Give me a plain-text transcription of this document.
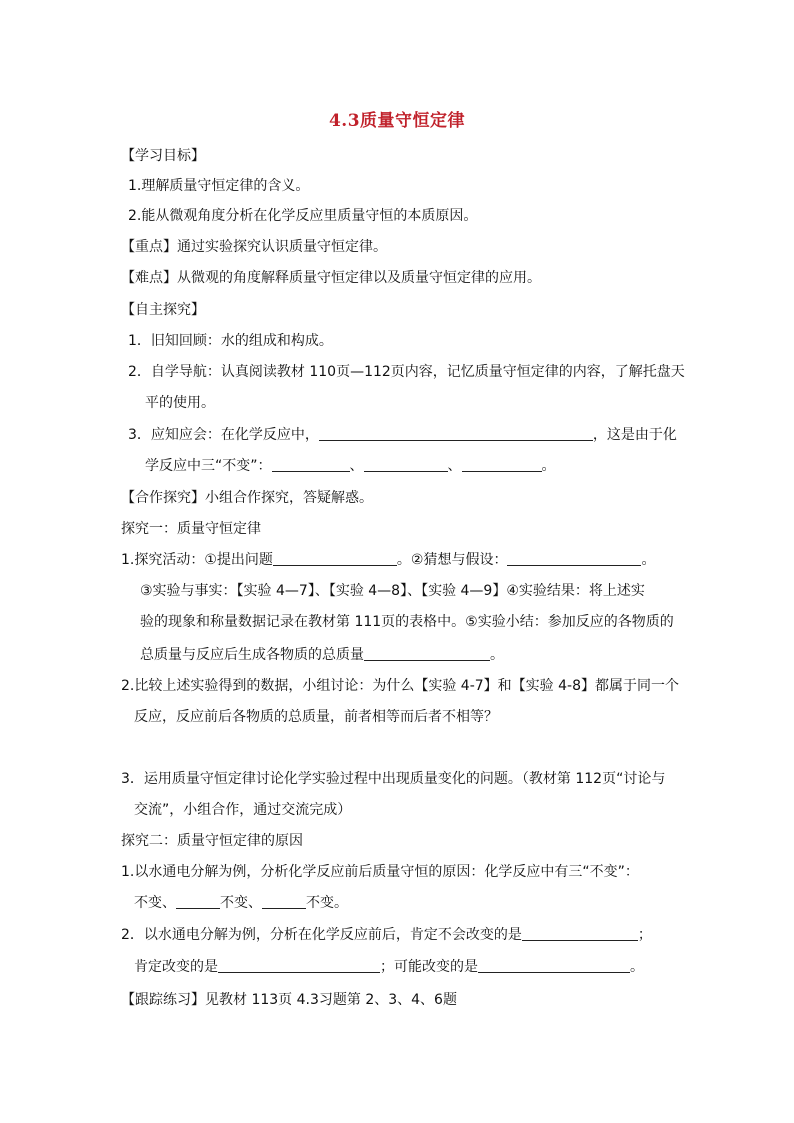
4.3质量守恒定律
【学习目标】
1.理解质量守恒定律的含义。
2.能从微观角度分析在化学反应里质量守恒的本质原因。
【重点】通过实验探究认识质量守恒定律。
【难点】从微观的角度解释质量守恒定律以及质量守恒定律的应用。
【自主探究】
1．旧知回顾：水的组成和构成。
2．自学导航：认真阅读教材 110页—112页内容，记忆质量守恒定律的内容，了解托盘天
平的使用。
3．应知应会：在化学反应中，	，这是由于化
学反应中三“不变”：	、	、	。
【合作探究】小组合作探究，答疑解惑。
探究一：质量守恒定律
1.探究活动：①提出问题	。②猜想与假设：	。
③实验与事实：【实验 4—7】、【实验 4—8】、【实验 4—9】④实验结果：将上述实
验的现象和称量数据记录在教材第 111页的表格中。⑤实验小结：参加反应的各物质的
总质量与反应后生成各物质的总质量	。
2.比较上述实验得到的数据，小组讨论：为什么【实验 4-7】和【实验 4-8】都属于同一个
反应，反应前后各物质的总质量，前者相等而后者不相等？
3．运用质量守恒定律讨论化学实验过程中出现质量变化的问题。（教材第 112页“讨论与
交流”，小组合作，通过交流完成）
探究二：质量守恒定律的原因
1.以水通电分解为例，分析化学反应前后质量守恒的原因：化学反应中有三“不变”：
不变、	不变、	不变。
2．以水通电分解为例，分析在化学反应前后，肯定不会改变的是	；
肯定改变的是	；可能改变的是	。
【跟踪练习】见教材 113页 4.3习题第 2、3、4、6题
